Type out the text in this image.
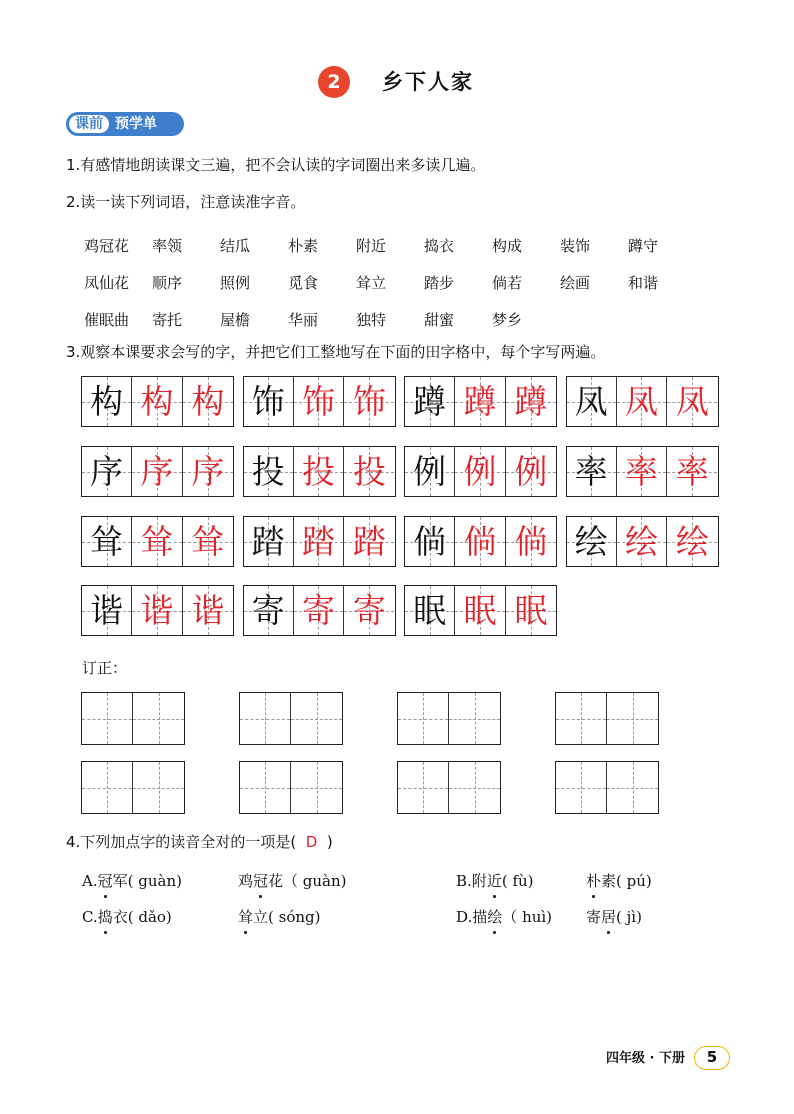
2	乡下人家
课前 预学单
1.有感情地朗读课文三遍，把不会认读的字词圈出来多读几遍。
2.读一读下列词语，注意读准字音。
鸡冠花	率领	结瓜	朴素	附近	捣衣	构成	装饰	蹲守
凤仙花	顺序	照例	觅食	耸立	踏步	倘若	绘画	和谐
催眠曲	寄托	屋檐	华丽	独特	甜蜜	梦乡
3.观察本课要求会写的字，并把它们工整地写在下面的田字格中，每个字写两遍。
构 构 构 饰 饰 饰 蹲 蹲 蹲 凤 凤 凤
序 序 序 投 投 投 例 例 例 率 率 率
耸 耸 耸 踏 踏 踏 倘 倘 倘 绘 绘 绘
谐 谐 谐 寄 寄 寄 眠 眠 眠
订正：
4.下列加点字的读音全对的一项是( D )
A.冠军( guàn)	鸡冠花（ guàn)	B.附近( fù)	朴素( pú)
C.捣衣( dǎo)	耸立( sóng)	D.描绘（ huì) 寄居( jì)
四年级 · 下册	5
